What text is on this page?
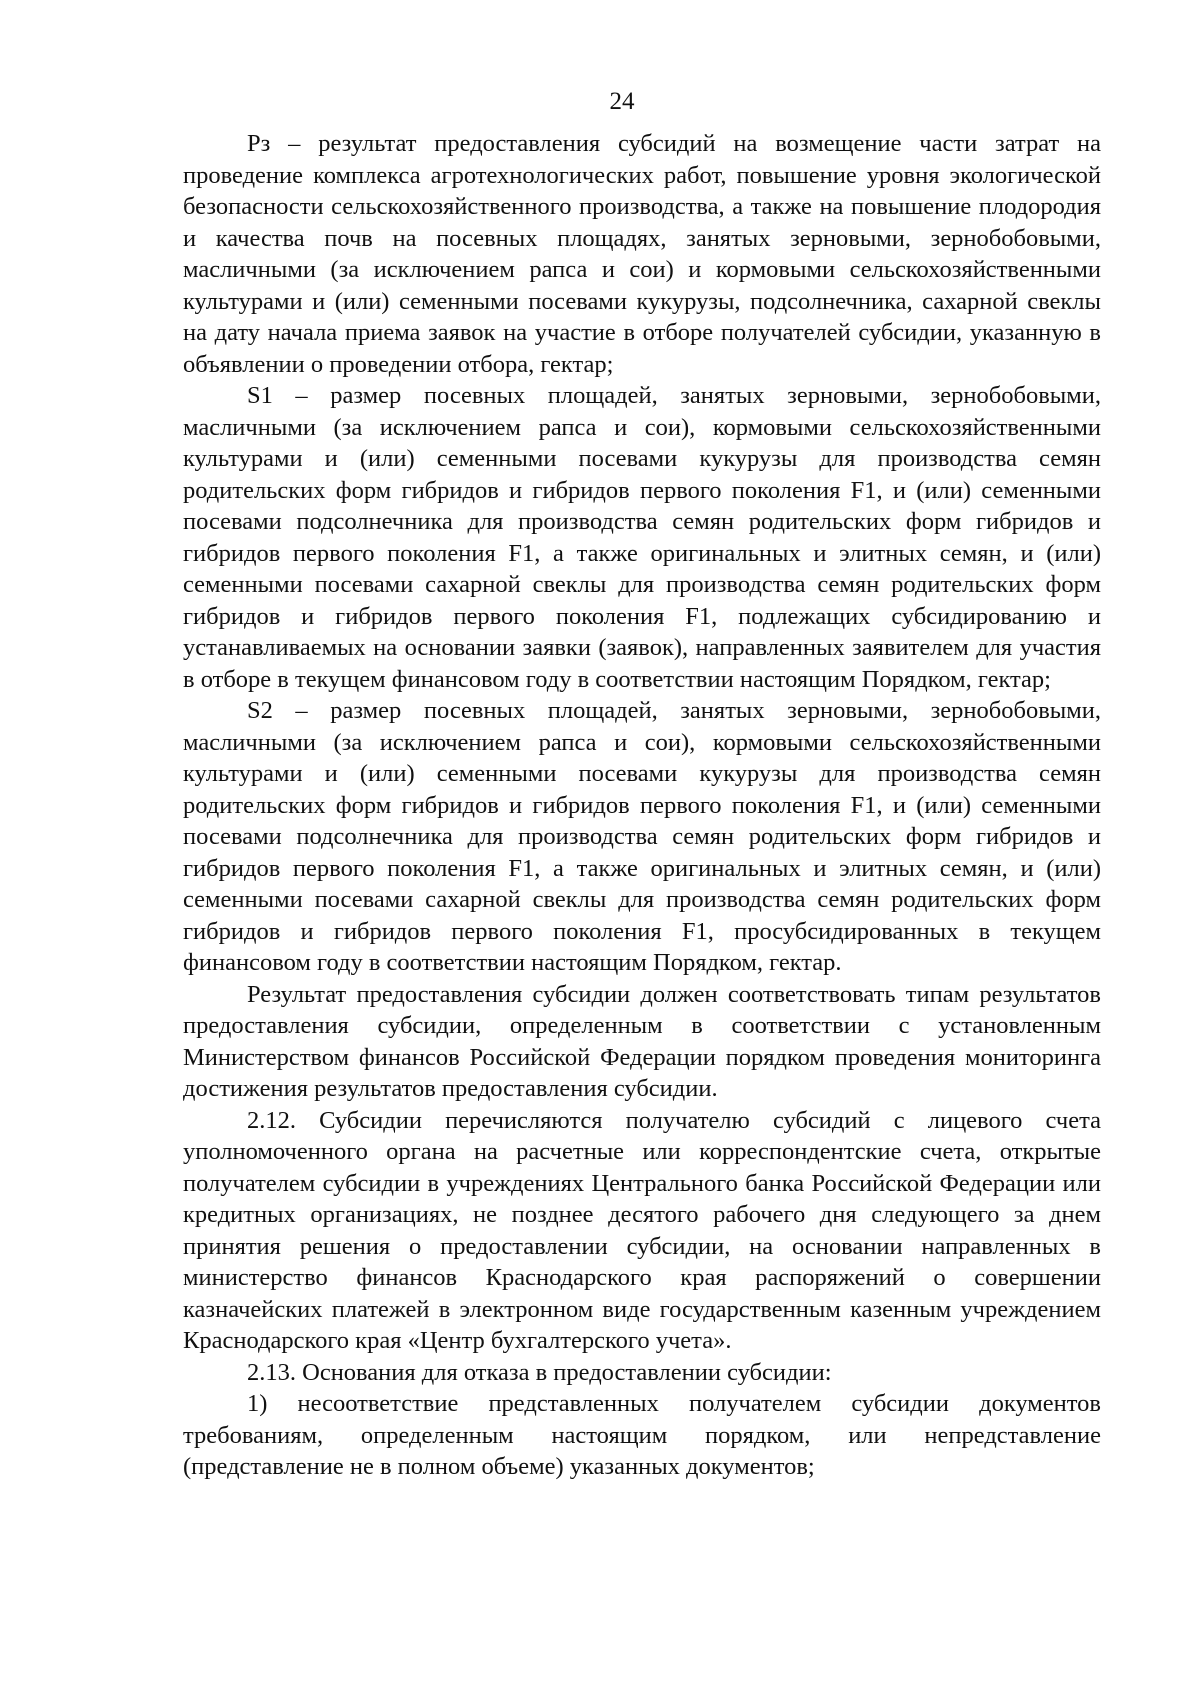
24

Рз – результат предоставления субсидий на возмещение части затрат на проведение комплекса агротехнологических работ, повышение уровня экологической безопасности сельскохозяйственного производства, а также на повышение плодородия и качества почв на посевных площадях, занятых зерновыми, зернобобовыми, масличными (за исключением рапса и сои) и кормовыми сельскохозяйственными культурами и (или) семенными посевами кукурузы, подсолнечника, сахарной свеклы на дату начала приема заявок на участие в отборе получателей субсидии, указанную в объявлении о проведении отбора, гектар;

S1 – размер посевных площадей, занятых зерновыми, зернобобовыми, масличными (за исключением рапса и сои), кормовыми сельскохозяйственными культурами и (или) семенными посевами кукурузы для производства семян родительских форм гибридов и гибридов первого поколения F1, и (или) семенными посевами подсолнечника для производства семян родительских форм гибридов и гибридов первого поколения F1, а также оригинальных и элитных семян, и (или) семенными посевами сахарной свеклы для производства семян родительских форм гибридов и гибридов первого поколения F1, подлежащих субсидированию и устанавливаемых на основании заявки (заявок), направленных заявителем для участия в отборе в текущем финансовом году в соответствии настоящим Порядком, гектар;

S2 – размер посевных площадей, занятых зерновыми, зернобобовыми, масличными (за исключением рапса и сои), кормовыми сельскохозяйственными культурами и (или) семенными посевами кукурузы для производства семян родительских форм гибридов и гибридов первого поколения F1, и (или) семенными посевами подсолнечника для производства семян родительских форм гибридов и гибридов первого поколения F1, а также оригинальных и элитных семян, и (или) семенными посевами сахарной свеклы для производства семян родительских форм гибридов и гибридов первого поколения F1, просубсидированных в текущем финансовом году в соответствии настоящим Порядком, гектар.

Результат предоставления субсидии должен соответствовать типам результатов предоставления субсидии, определенным в соответствии с установленным Министерством финансов Российской Федерации порядком проведения мониторинга достижения результатов предоставления субсидии.

2.12. Субсидии перечисляются получателю субсидий с лицевого счета уполномоченного органа на расчетные или корреспондентские счета, открытые получателем субсидии в учреждениях Центрального банка Российской Федерации или кредитных организациях, не позднее десятого рабочего дня следующего за днем принятия решения о предоставлении субсидии, на основании направленных в министерство финансов Краснодарского края распоряжений о совершении казначейских платежей в электронном виде государственным казенным учреждением Краснодарского края «Центр бухгалтерского учета».

2.13. Основания для отказа в предоставлении субсидии:

1) несоответствие представленных получателем субсидии документов требованиям, определенным настоящим порядком, или непредставление (представление не в полном объеме) указанных документов;
